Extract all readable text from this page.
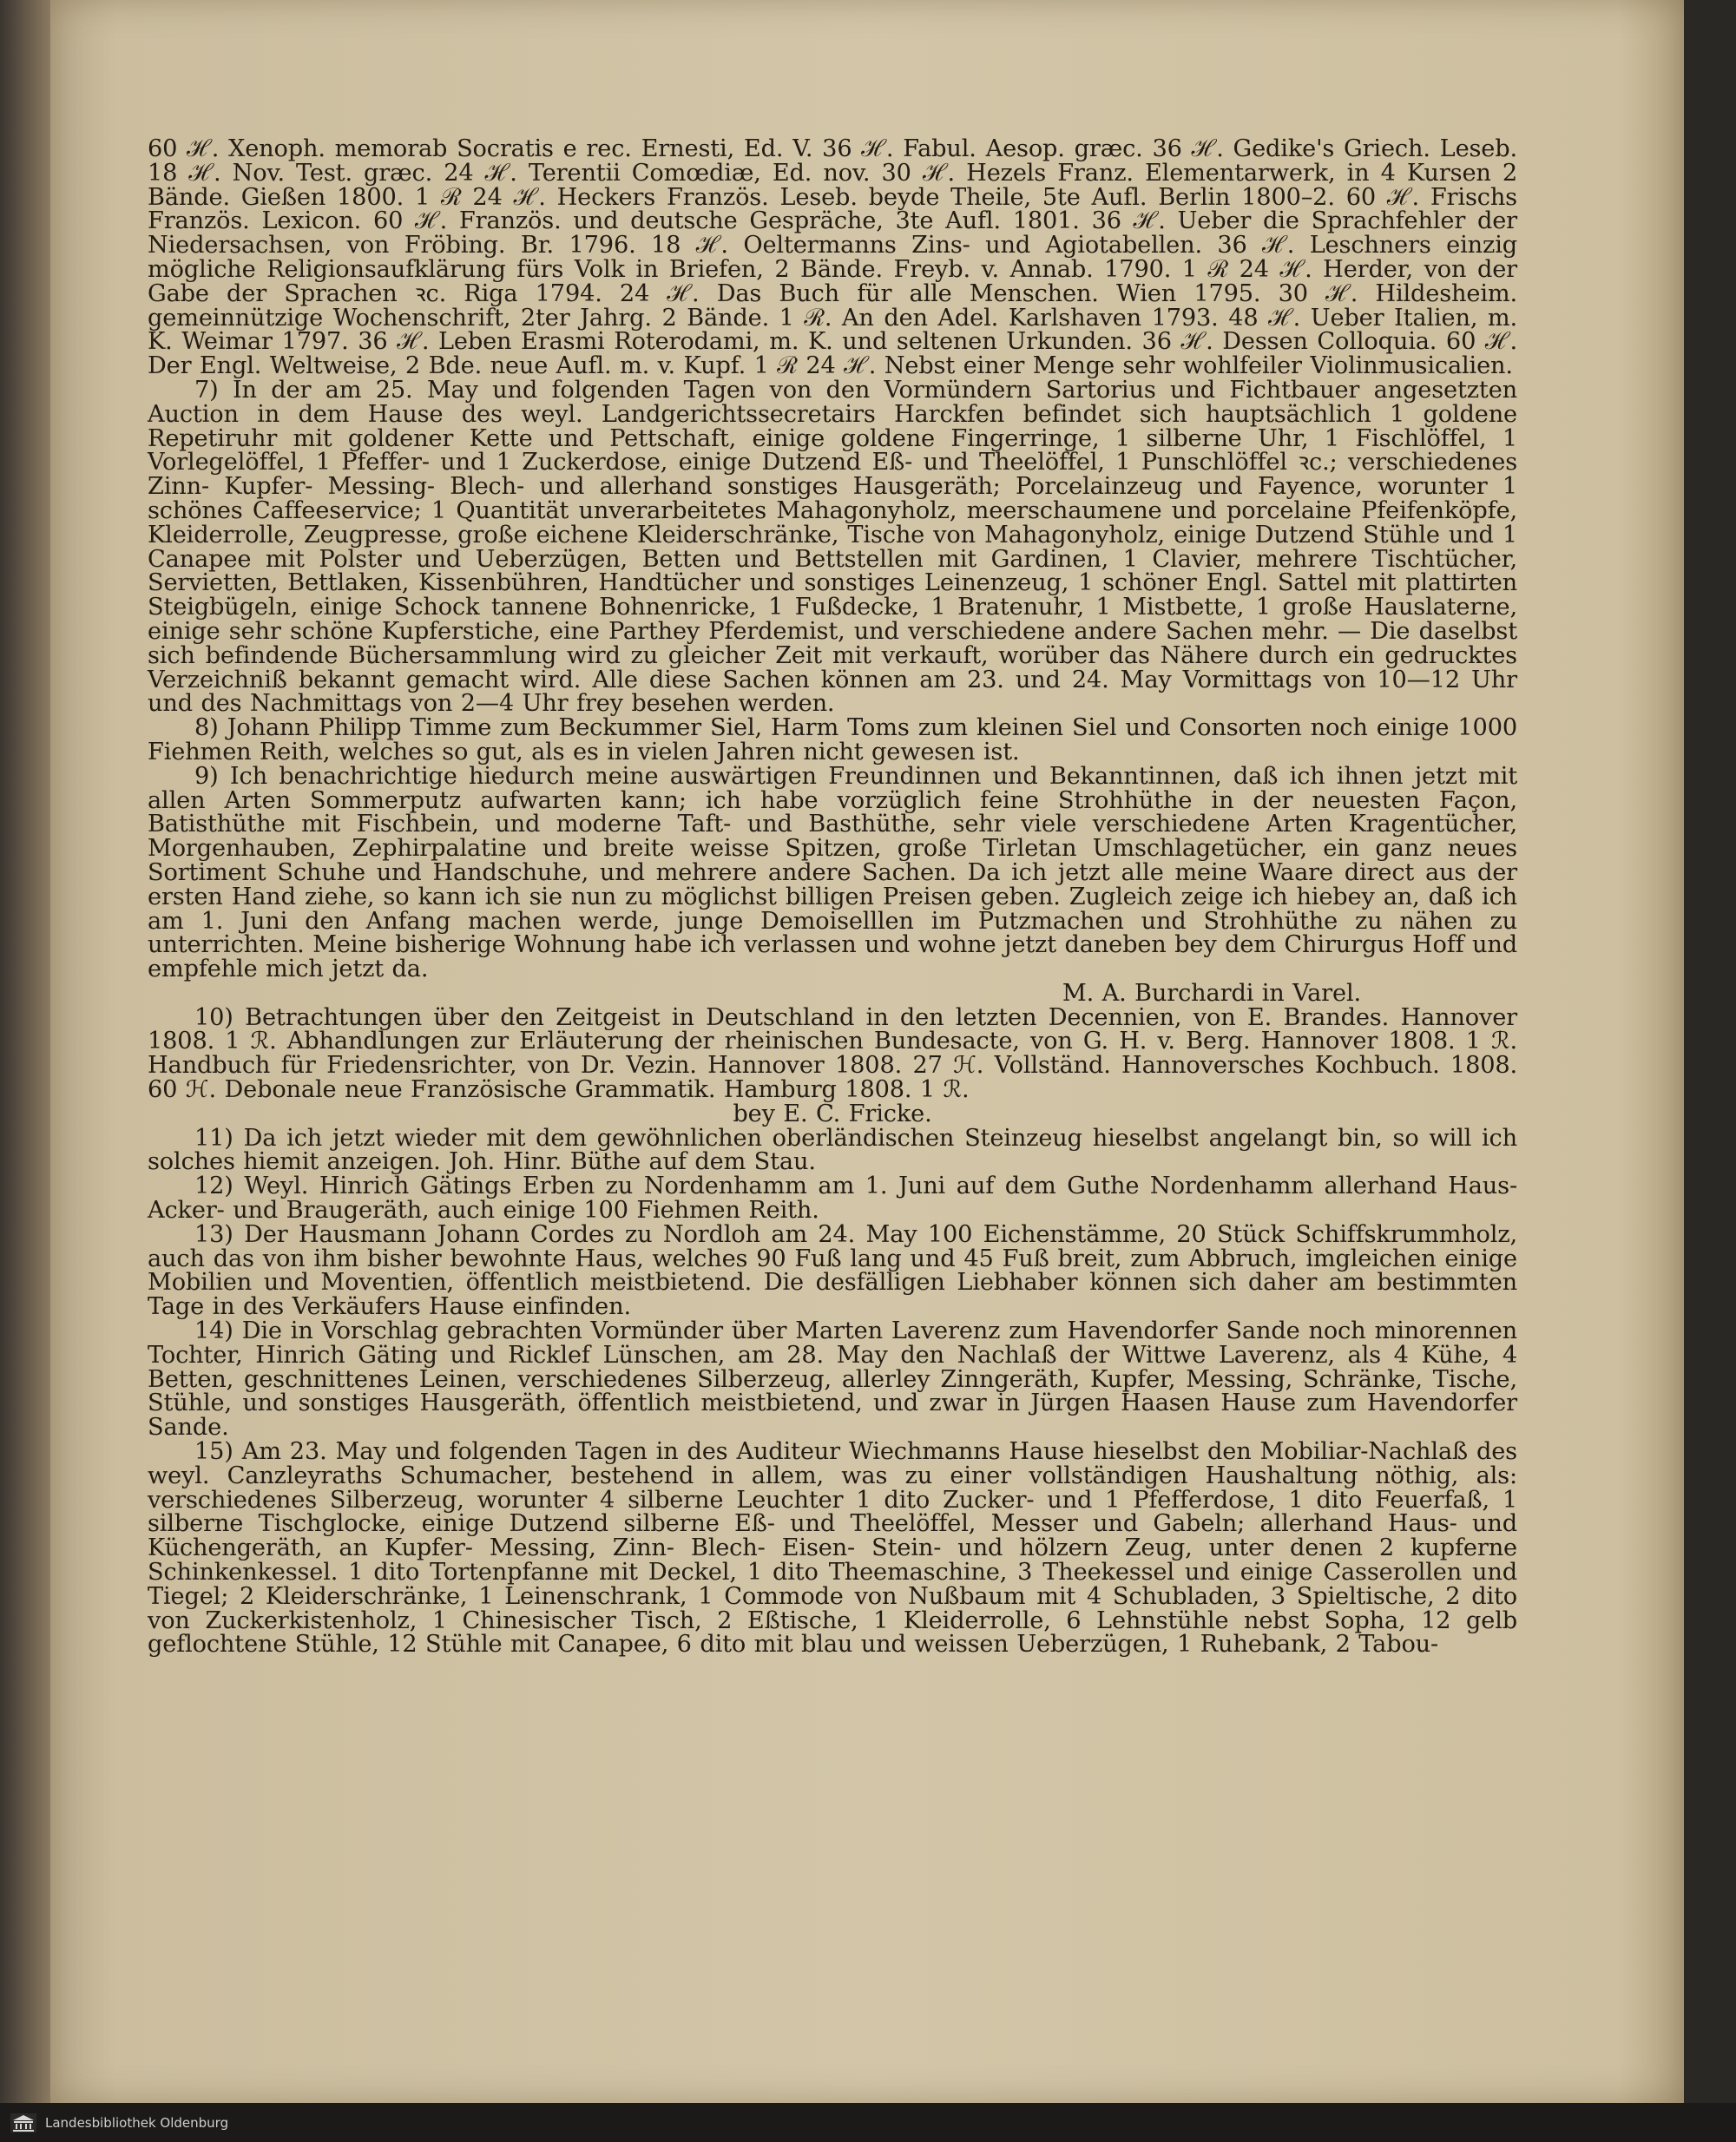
60 ℋ. Xenoph. memorab Socratis e rec. Ernesti, Ed. V. 36 ℋ. Fabul. Aesop. græc. 36 ℋ. Gedike's Griech. Leseb. 18 ℋ. Nov. Test. græc. 24 ℋ. Terentii Comœdiæ, Ed. nov. 30 ℋ. Hezels Franz. Elementarwerk, in 4 Kursen 2 Bände. Gießen 1800. 1 ℛ 24 ℋ. Heckers Französ. Leseb. beyde Theile, 5te Aufl. Berlin 1800–2. 60 ℋ. Frischs Französ. Lexicon. 60 ℋ. Französ. und deutsche Gespräche, 3te Aufl. 1801. 36 ℋ. Ueber die Sprachfehler der Niedersachsen, von Fröbing. Br. 1796. 18 ℋ. Oeltermanns Zins- und Agiotabellen. 36 ℋ. Leschners einzig mögliche Religionsaufklärung fürs Volk in Briefen, 2 Bände. Freyb. v. Annab. 1790. 1 ℛ 24 ℋ. Herder, von der Gabe der Sprachen ꝛc. Riga 1794. 24 ℋ. Das Buch für alle Menschen. Wien 1795. 30 ℋ. Hildesheim. gemeinnützige Wochenschrift, 2ter Jahrg. 2 Bände. 1 ℛ. An den Adel. Karlshaven 1793. 48 ℋ. Ueber Italien, m. K. Weimar 1797. 36 ℋ. Leben Erasmi Roterodami, m. K. und seltenen Urkunden. 36 ℋ. Dessen Colloquia. 60 ℋ. Der Engl. Weltweise, 2 Bde. neue Aufl. m. v. Kupf. 1 ℛ 24 ℋ. Nebst einer Menge sehr wohlfeiler Violinmusicalien.

7) In der am 25. May und folgenden Tagen von den Vormündern Sartorius und Fichtbauer angesetzten Auction in dem Hause des weyl. Landgerichtssecretairs Harckfen befindet sich hauptsächlich 1 goldene Repetiruhr mit goldener Kette und Pettschaft, einige goldene Fingerringe, 1 silberne Uhr, 1 Fischlöffel, 1 Vorlegelöffel, 1 Pfeffer- und 1 Zuckerdose, einige Dutzend Eß- und Theelöffel, 1 Punschlöffel ꝛc.; verschiedenes Zinn- Kupfer- Messing- Blech- und allerhand sonstiges Hausgeräth; Porcelainzeug und Fayence, worunter 1 schönes Caffeeservice; 1 Quantität unverarbeitetes Mahagonyholz, meerschaumene und porcelaine Pfeifenköpfe, Kleiderrolle, Zeugpresse, große eichene Kleiderschränke, Tische von Mahagonyholz, einige Dutzend Stühle und 1 Canapee mit Polster und Ueberzügen, Betten und Bettstellen mit Gardinen, 1 Clavier, mehrere Tischtücher, Servietten, Bettlaken, Kissenbühren, Handtücher und sonstiges Leinenzeug, 1 schöner Engl. Sattel mit plattirten Steigbügeln, einige Schock tannene Bohnenricke, 1 Fußdecke, 1 Bratenuhr, 1 Mistbette, 1 große Hauslaterne, einige sehr schöne Kupferstiche, eine Parthey Pferdemist, und verschiedene andere Sachen mehr. — Die daselbst sich befindende Büchersammlung wird zu gleicher Zeit mit verkauft, worüber das Nähere durch ein gedrucktes Verzeichniß bekannt gemacht wird. Alle diese Sachen können am 23. und 24. May Vormittags von 10—12 Uhr und des Nachmittags von 2—4 Uhr frey besehen werden.

8) Johann Philipp Timme zum Beckummer Siel, Harm Toms zum kleinen Siel und Consorten noch einige 1000 Fiehmen Reith, welches so gut, als es in vielen Jahren nicht gewesen ist.

9) Ich benachrichtige hiedurch meine auswärtigen Freundinnen und Bekanntinnen, daß ich ihnen jetzt mit allen Arten Sommerputz aufwarten kann; ich habe vorzüglich feine Strohhüthe in der neuesten Façon, Batisthüthe mit Fischbein, und moderne Taft- und Basthüthe, sehr viele verschiedene Arten Kragentücher, Morgenhauben, Zephirpalatine und breite weisse Spitzen, große Tirletan Umschlagetücher, ein ganz neues Sortiment Schuhe und Handschuhe, und mehrere andere Sachen. Da ich jetzt alle meine Waare direct aus der ersten Hand ziehe, so kann ich sie nun zu möglichst billigen Preisen geben. Zugleich zeige ich hiebey an, daß ich am 1. Juni den Anfang machen werde, junge Demoiselllen im Putzmachen und Strohhüthe zu nähen zu unterrichten. Meine bisherige Wohnung habe ich verlassen und wohne jetzt daneben bey dem Chirurgus Hoff und empfehle mich jetzt da.

M. A. Burchardi in Varel.

10) Betrachtungen über den Zeitgeist in Deutschland in den letzten Decennien, von E. Brandes. Hannover 1808. 1 ℛ. Abhandlungen zur Erläuterung der rheinischen Bundesacte, von G. H. v. Berg. Hannover 1808. 1 ℛ. Handbuch für Friedensrichter, von Dr. Vezin. Hannover 1808. 27 ℋ. Vollständ. Hannoversches Kochbuch. 1808. 60 ℋ. Debonale neue Französische Grammatik. Hamburg 1808. 1 ℛ.

bey E. C. Fricke.

11) Da ich jetzt wieder mit dem gewöhnlichen oberländischen Steinzeug hieselbst angelangt bin, so will ich solches hiemit anzeigen. Joh. Hinr. Büthe auf dem Stau.

12) Weyl. Hinrich Gätings Erben zu Nordenhamm am 1. Juni auf dem Guthe Nordenhamm allerhand Haus- Acker- und Braugeräth, auch einige 100 Fiehmen Reith.

13) Der Hausmann Johann Cordes zu Nordloh am 24. May 100 Eichenstämme, 20 Stück Schiffskrummholz, auch das von ihm bisher bewohnte Haus, welches 90 Fuß lang und 45 Fuß breit, zum Abbruch, imgleichen einige Mobilien und Moventien, öffentlich meistbietend. Die desfälligen Liebhaber können sich daher am bestimmten Tage in des Verkäufers Hause einfinden.

14) Die in Vorschlag gebrachten Vormünder über Marten Laverenz zum Havendorfer Sande noch minorennen Tochter, Hinrich Gäting und Ricklef Lünschen, am 28. May den Nachlaß der Wittwe Laverenz, als 4 Kühe, 4 Betten, geschnittenes Leinen, verschiedenes Silberzeug, allerley Zinngeräth, Kupfer, Messing, Schränke, Tische, Stühle, und sonstiges Hausgeräth, öffentlich meistbietend, und zwar in Jürgen Haasen Hause zum Havendorfer Sande.

15) Am 23. May und folgenden Tagen in des Auditeur Wiechmanns Hause hieselbst den Mobiliar-Nachlaß des weyl. Canzleyraths Schumacher, bestehend in allem, was zu einer vollständigen Haushaltung nöthig, als: verschiedenes Silberzeug, worunter 4 silberne Leuchter 1 dito Zucker- und 1 Pfefferdose, 1 dito Feuerfaß, 1 silberne Tischglocke, einige Dutzend silberne Eß- und Theelöffel, Messer und Gabeln; allerhand Haus- und Küchengeräth, an Kupfer- Messing, Zinn- Blech- Eisen- Stein- und hölzern Zeug, unter denen 2 kupferne Schinkenkessel. 1 dito Tortenpfanne mit Deckel, 1 dito Theemaschine, 3 Theekessel und einige Casserollen und Tiegel; 2 Kleiderschränke, 1 Leinenschrank, 1 Commode von Nußbaum mit 4 Schubladen, 3 Spieltische, 2 dito von Zuckerkistenholz, 1 Chinesischer Tisch, 2 Eßtische, 1 Kleiderrolle, 6 Lehnstühle nebst Sopha, 12 gelb geflochtene Stühle, 12 Stühle mit Canapee, 6 dito mit blau und weissen Ueberzügen, 1 Ruhebank, 2 Tabou-

Landesbibliothek Oldenburg
